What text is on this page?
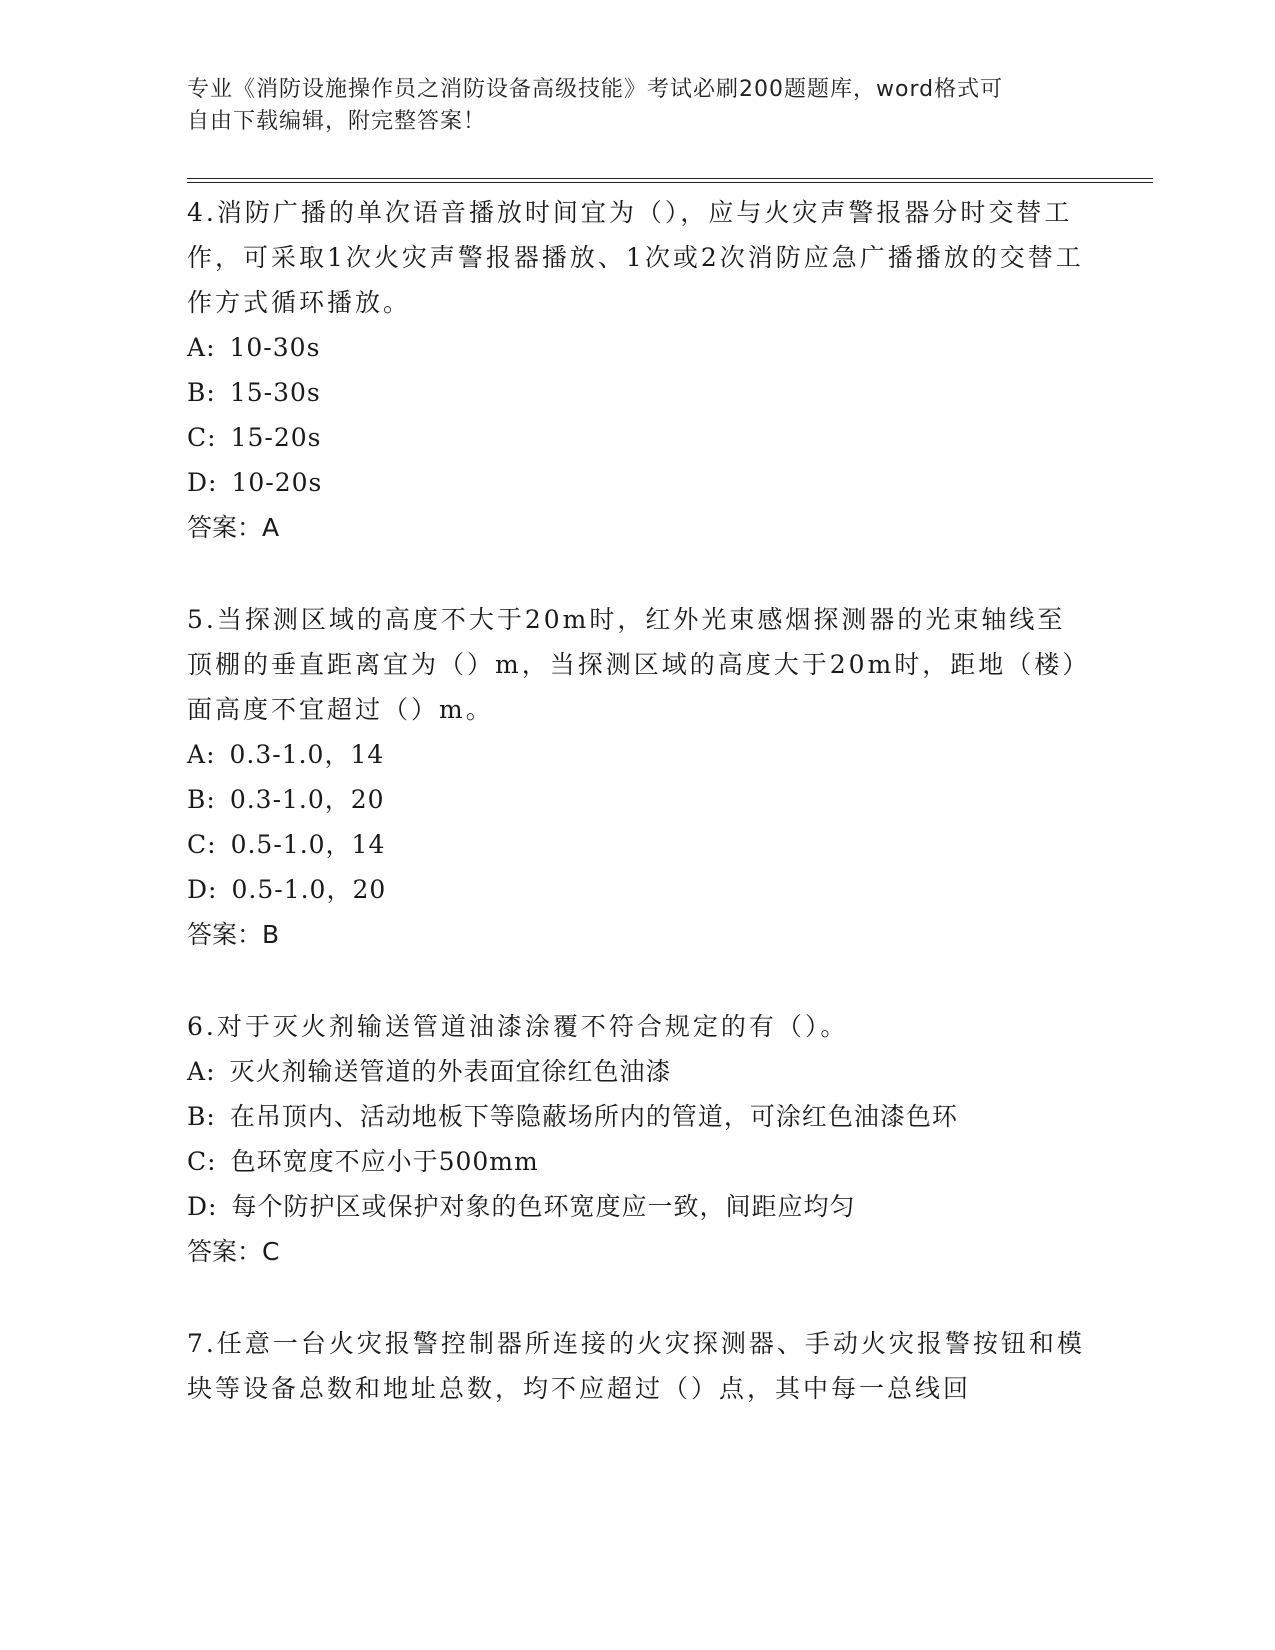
专业《消防设施操作员之消防设备高级技能》考试必刷200题题库，word格式可
自由下载编辑，附完整答案！

4.消防广播的单次语音播放时间宜为（），应与火灾声警报器分时交替工作，可采取1次火灾声警报器播放、1次或2次消防应急广播播放的交替工作方式循环播放。

A: 10-30s

B: 15-30s

C: 15-20s

D: 10-20s

答案：A

5.当探测区域的高度不大于20m时，红外光束感烟探测器的光束轴线至顶棚的垂直距离宜为（）m，当探测区域的高度大于20m时，距地（楼）面高度不宜超过（）m。

A: 0.3-1.0，14

B: 0.3-1.0，20

C: 0.5-1.0，14

D: 0.5-1.0，20

答案：B

6.对于灭火剂输送管道油漆涂覆不符合规定的有（）。

A: 灭火剂输送管道的外表面宜徐红色油漆

B: 在吊顶内、活动地板下等隐蔽场所内的管道，可涂红色油漆色环

C: 色环宽度不应小于500mm

D: 每个防护区或保护对象的色环宽度应一致，间距应均匀

答案：C

7.任意一台火灾报警控制器所连接的火灾探测器、手动火灾报警按钮和模块等设备总数和地址总数，均不应超过（）点，其中每一总线回
